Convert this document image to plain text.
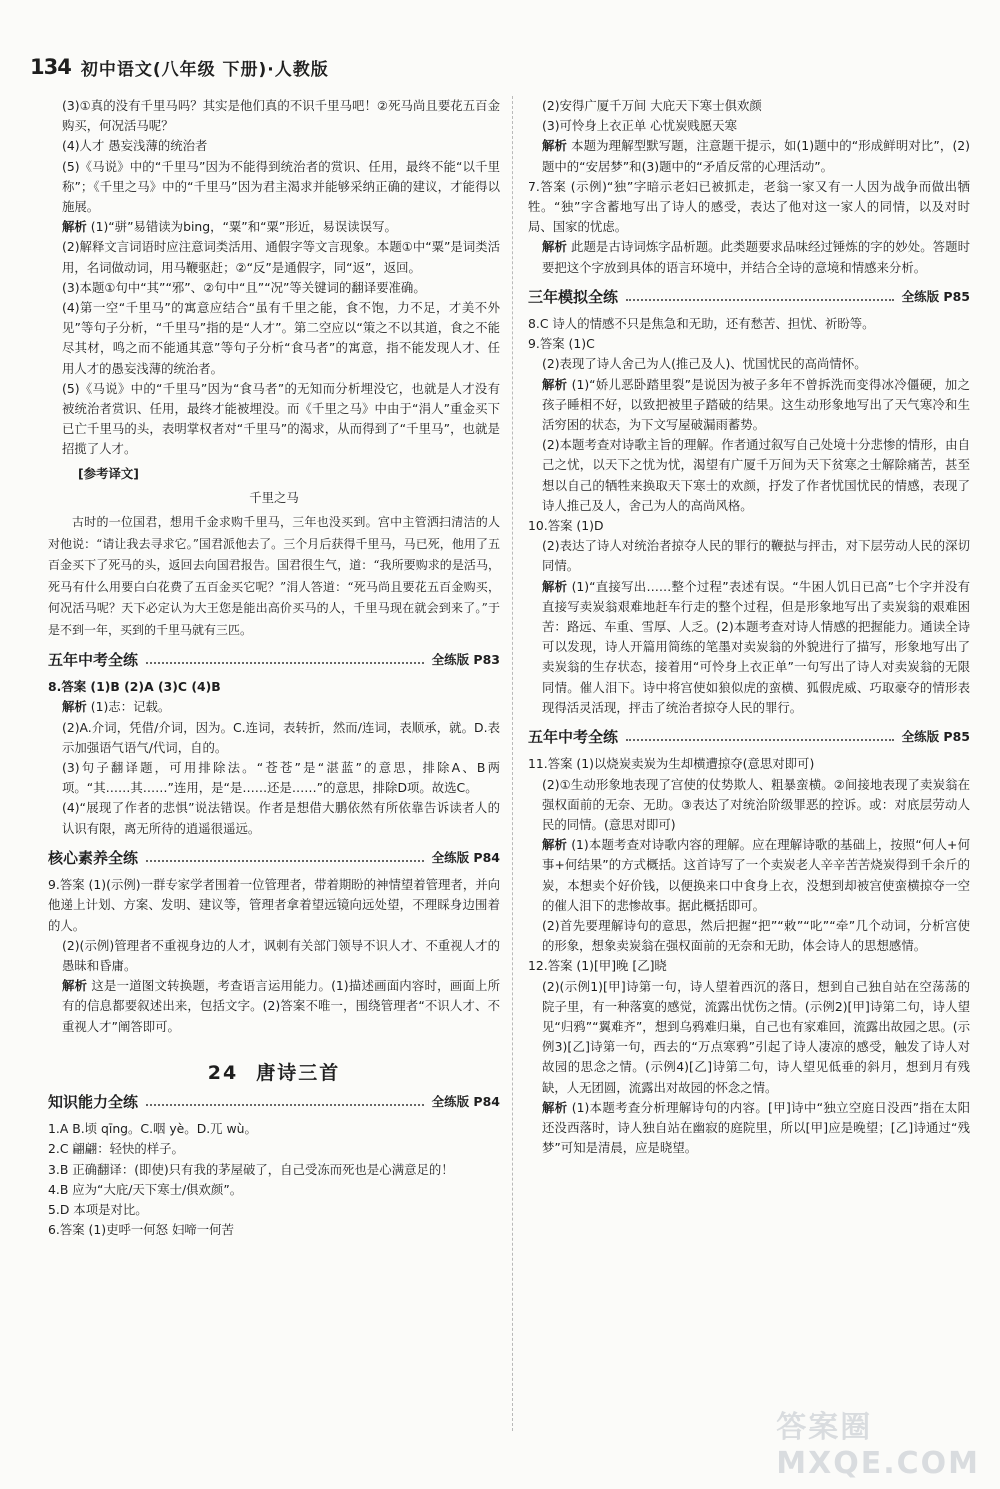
134 初中语文(八年级 下册)·人教版

(3)①真的没有千里马吗？其实是他们真的不识千里马吧！②死马尚且要花五百金购买，何况活马呢？

(4)人才 愚妄浅薄的统治者

(5)《马说》中的“千里马”因为不能得到统治者的赏识、任用，最终不能“以千里称”；《千里之马》中的“千里马”因为君主渴求并能够采纳正确的建议，才能得以施展。

解析 (1)“骈”易错读为bing，“粟”和“粟”形近，易误读误写。

(2)解释文言词语时应注意词类活用、通假字等文言现象。本题①中“粟”是词类活用，名词做动词，用马鞭驱赶；②“反”是通假字，同“返”，返回。

(3)本题①句中“其”“邪”、②句中“且”“况”等关键词的翻译要准确。

(4)第一空“千里马”的寓意应结合“虽有千里之能，食不饱，力不足，才美不外见”等句子分析，“千里马”指的是“人才”。第二空应以“策之不以其道，食之不能尽其材，鸣之而不能通其意”等句子分析“食马者”的寓意，指不能发现人才、任用人才的愚妄浅薄的统治者。

(5)《马说》中的“千里马”因为“食马者”的无知而分析埋没它，也就是人才没有被统治者赏识、任用，最终才能被埋没。而《千里之马》中由于“涓人”重金买下已亡千里马的头，表明掌权者对“千里马”的渴求，从而得到了“千里马”，也就是招揽了人才。

[参考译文]
千里之马

古时的一位国君，想用千金求购千里马，三年也没买到。宫中主管洒扫清洁的人对他说：“请让我去寻求它。”国君派他去了。三个月后获得千里马，马已死，他用了五百金买下了死马的头，返回去向国君报告。国君很生气，道：“我所要购求的是活马，死马有什么用要白白花费了五百金买它呢？”涓人答道：“死马尚且要花五百金购买，何况活马呢？天下必定认为大王您是能出高价买马的人，千里马现在就会到来了。”于是不到一年，买到的千里马就有三匹。

五年中考全练	全练版 P83

8.答案 (1)B (2)A (3)C (4)B

解析 (1)志：记载。

(2)A.介词，凭借/介词，因为。C.连词，表转折，然而/连词，表顺承，就。D.表示加强语气语气/代词，自的。

(3)句子翻译题，可用排除法。“苍苍”是“湛蓝”的意思，排除A、B两项。“其……其……”连用，是“是……还是……”的意思，排除D项。故选C。

(4)“展现了作者的悲惧”说法错误。作者是想借大鹏依然有所依靠告诉读者人的认识有限，离无所待的逍遥很遥远。

核心素养全练	全练版 P84

9.答案 (1)(示例)一群专家学者围着一位管理者，带着期盼的神情望着管理者，并向他递上计划、方案、发明、建议等，管理者拿着望远镜向远处望，不理睬身边围着的人。

(2)(示例)管理者不重视身边的人才，讽刺有关部门领导不识人才、不重视人才的愚昧和昏庸。

解析 这是一道图文转换题，考查语言运用能力。(1)描述画面内容时，画面上所有的信息都要叙述出来，包括文字。(2)答案不唯一，围绕管理者“不识人才、不重视人才”阐答即可。

24 唐诗三首
知识能力全练	全练版 P84

1.A B.顷 qīng。C.咽 yè。D.兀 wù。

2.C 翩翩：轻快的样子。

3.B 正确翻译：(即使)只有我的茅屋破了，自己受冻而死也是心满意足的！

4.B 应为“大庇/天下寒士/俱欢颜”。

5.D 本项是对比。

6.答案 (1)吏呼一何怒 妇啼一何苦

(2)安得广厦千万间 大庇天下寒士俱欢颜

(3)可怜身上衣正单 心忧炭贱愿天寒

解析 本题为理解型默写题，注意题干提示，如(1)题中的“形成鲜明对比”，(2)题中的“安居梦”和(3)题中的“矛盾反常的心理活动”。

7.答案 (示例)“独”字暗示老妇已被抓走，老翁一家又有一人因为战争而做出牺牲。“独”字含蓄地写出了诗人的感受，表达了他对这一家人的同情，以及对时局、国家的忧虑。

解析 此题是古诗词炼字品析题。此类题要求品味经过锤炼的字的妙处。答题时要把这个字放到具体的语言环境中，并结合全诗的意境和情感来分析。

三年模拟全练	全练版 P85

8.C 诗人的情感不只是焦急和无助，还有愁苦、担忧、祈盼等。

9.答案 (1)C

(2)表现了诗人舍己为人(推己及人)、忧国忧民的高尚情怀。

解析 (1)“娇儿恶卧踏里裂”是说因为被子多年不曾拆洗而变得冰冷僵硬，加之孩子睡相不好，以致把被里子踏破的结果。这生动形象地写出了天气寒冷和生活穷困的状态，为下文写屋破漏雨蓄势。

(2)本题考查对诗歌主旨的理解。作者通过叙写自己处境十分悲惨的情形，由自己之忧，以天下之忧为忧，渴望有广厦千万间为天下贫寒之士解除痛苦，甚至想以自己的牺牲来换取天下寒士的欢颜，抒发了作者忧国忧民的情感，表现了诗人推己及人，舍己为人的高尚风格。

10.答案 (1)D

(2)表达了诗人对统治者掠夺人民的罪行的鞭挞与抨击，对下层劳动人民的深切同情。

解析 (1)“直接写出……整个过程”表述有误。“牛困人饥日已高”七个字并没有直接写卖炭翁艰难地赶车行走的整个过程，但是形象地写出了卖炭翁的艰难困苦：路远、车重、雪厚、人乏。(2)本题考查对诗人情感的把握能力。通读全诗可以发现，诗人开篇用简练的笔墨对卖炭翁的外貌进行了描写，形象地写出了卖炭翁的生存状态，接着用“可怜身上衣正单”一句写出了诗人对卖炭翁的无限同情。催人泪下。诗中将宫使如狼似虎的蛮横、狐假虎威、巧取豪夺的情形表现得活灵活现，抨击了统治者掠夺人民的罪行。

五年中考全练	全练版 P85

11.答案 (1)以烧炭卖炭为生却横遭掠夺(意思对即可)

(2)①生动形象地表现了宫使的仗势欺人、粗暴蛮横。②间接地表现了卖炭翁在强权面前的无奈、无助。③表达了对统治阶级罪恶的控诉。或：对底层劳动人民的同情。(意思对即可)

解析 (1)本题考查对诗歌内容的理解。应在理解诗歌的基础上，按照“何人+何事+何结果”的方式概括。这首诗写了一个卖炭老人辛辛苦苦烧炭得到千余斤的炭，本想卖个好价钱，以便换来口中食身上衣，没想到却被宫使蛮横掠夺一空的催人泪下的悲惨故事。据此概括即可。

(2)首先要理解诗句的意思，然后把握“把”“敕”“叱”“牵”几个动词，分析宫使的形象，想象卖炭翁在强权面前的无奈和无助，体会诗人的思想感情。

12.答案 (1)[甲]晚 [乙]晓

(2)(示例1)[甲]诗第一句，诗人望着西沉的落日，想到自己独自站在空荡荡的院子里，有一种落寞的感觉，流露出忧伤之情。(示例2)[甲]诗第二句，诗人望见“归鸦”“翼难齐”，想到乌鸦难归巢，自己也有家难回，流露出故园之思。(示例3)[乙]诗第一句，西去的“万点寒鸦”引起了诗人凄凉的感受，触发了诗人对故园的思念之情。(示例4)[乙]诗第二句，诗人望见低垂的斜月，想到月有残缺，人无团圆，流露出对故园的怀念之情。

解析 (1)本题考查分析理解诗句的内容。[甲]诗中“独立空庭日没西”指在太阳还没西落时，诗人独自站在幽寂的庭院里，所以[甲]应是晚望；[乙]诗通过“残梦”可知是清晨，应是晓望。

答案圈 MXQE.COM
